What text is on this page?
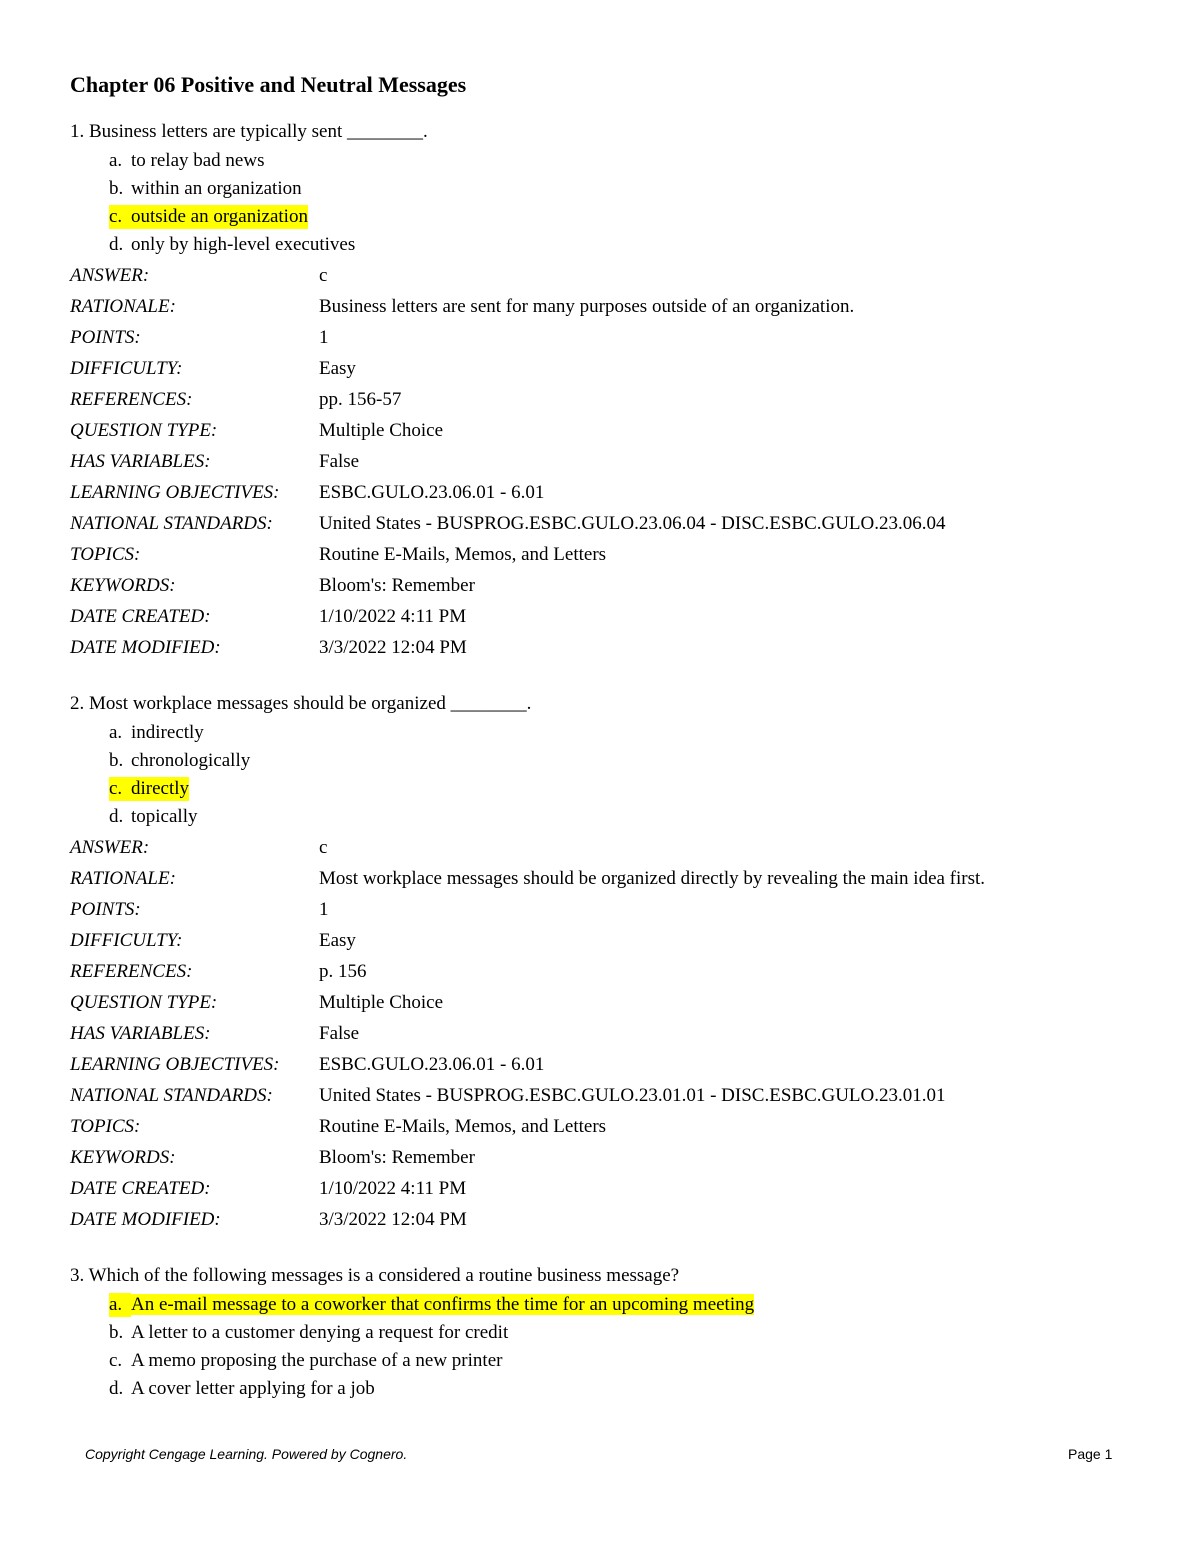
Chapter 06 Positive and Neutral Messages
1. Business letters are typically sent ________.
a. to relay bad news
b. within an organization
c. outside an organization
d. only by high-level executives
ANSWER:	c
RATIONALE:	Business letters are sent for many purposes outside of an organization.
POINTS:	1
DIFFICULTY:	Easy
REFERENCES:	pp. 156-57
QUESTION TYPE:	Multiple Choice
HAS VARIABLES:	False
LEARNING OBJECTIVES:	ESBC.GULO.23.06.01 - 6.01
NATIONAL STANDARDS:	United States - BUSPROG.ESBC.GULO.23.06.04 - DISC.ESBC.GULO.23.06.04
TOPICS:	Routine E-Mails, Memos, and Letters
KEYWORDS:	Bloom's: Remember
DATE CREATED:	1/10/2022 4:11 PM
DATE MODIFIED:	3/3/2022 12:04 PM
2. Most workplace messages should be organized ________.
a. indirectly
b. chronologically
c. directly
d. topically
ANSWER:	c
RATIONALE:	Most workplace messages should be organized directly by revealing the main idea first.
POINTS:	1
DIFFICULTY:	Easy
REFERENCES:	p. 156
QUESTION TYPE:	Multiple Choice
HAS VARIABLES:	False
LEARNING OBJECTIVES:	ESBC.GULO.23.06.01 - 6.01
NATIONAL STANDARDS:	United States - BUSPROG.ESBC.GULO.23.01.01 - DISC.ESBC.GULO.23.01.01
TOPICS:	Routine E-Mails, Memos, and Letters
KEYWORDS:	Bloom's: Remember
DATE CREATED:	1/10/2022 4:11 PM
DATE MODIFIED:	3/3/2022 12:04 PM
3. Which of the following messages is a considered a routine business message?
a. An e-mail message to a coworker that confirms the time for an upcoming meeting
b. A letter to a customer denying a request for credit
c. A memo proposing the purchase of a new printer
d. A cover letter applying for a job
Copyright Cengage Learning. Powered by Cognero.	Page 1
